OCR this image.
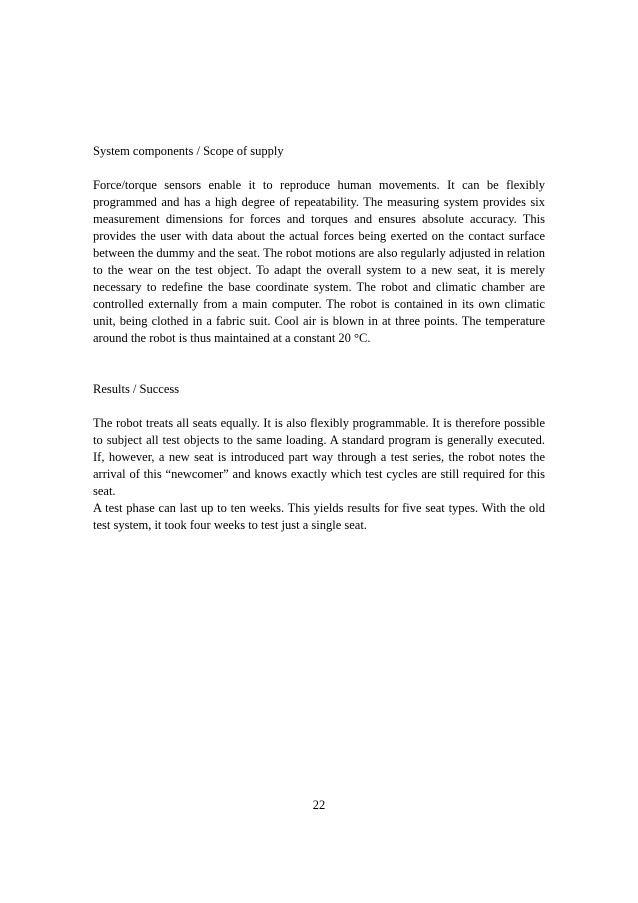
System components / Scope of supply

Force/torque sensors enable it to reproduce human movements. It can be flexibly programmed and has a high degree of repeatability. The measuring system provides six measurement dimensions for forces and torques and ensures absolute accuracy. This provides the user with data about the actual forces being exerted on the contact surface between the dummy and the seat. The robot motions are also regularly adjusted in relation to the wear on the test object. To adapt the overall system to a new seat, it is merely necessary to redefine the base coordinate system. The robot and climatic chamber are controlled externally from a main computer. The robot is contained in its own climatic unit, being clothed in a fabric suit. Cool air is blown in at three points. The temperature around the robot is thus maintained at a constant 20 °C.

Results / Success

The robot treats all seats equally. It is also flexibly programmable. It is therefore possible to subject all test objects to the same loading. A standard program is generally executed. If, however, a new seat is introduced part way through a test series, the robot notes the arrival of this “newcomer” and knows exactly which test cycles are still required for this seat.

A test phase can last up to ten weeks. This yields results for five seat types. With the old test system, it took four weeks to test just a single seat.

22
